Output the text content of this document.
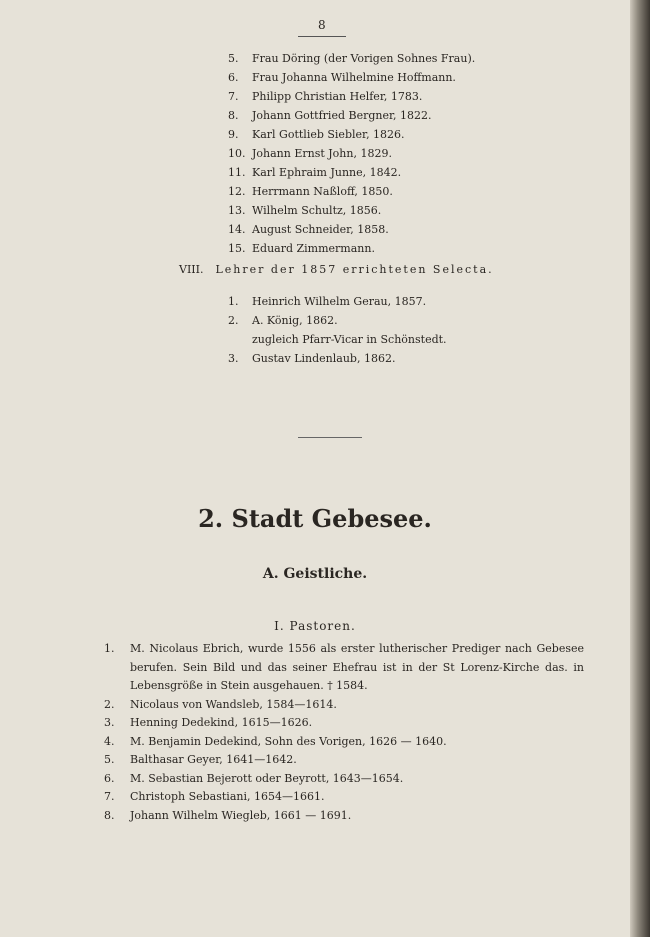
8
5. Frau Döring (der Vorigen Sohnes Frau).
6. Frau Johanna Wilhelmine Hoffmann.
7. Philipp Christian Helfer, 1783.
8. Johann Gottfried Bergner, 1822.
9. Karl Gottlieb Siebler, 1826.
10. Johann Ernst John, 1829.
11. Karl Ephraim Junne, 1842.
12. Herrmann Naßloff, 1850.
13. Wilhelm Schultz, 1856.
14. August Schneider, 1858.
15. Eduard Zimmermann.
VIII. Lehrer der 1857 errichteten Selecta.
1. Heinrich Wilhelm Gerau, 1857.
2. A. König, 1862.
zugleich Pfarr-Vicar in Schönstedt.
3. Gustav Lindenlaub, 1862.
2. Stadt Gebesee.
A. Geistliche.
I. Pastoren.
1.	M. Nicolaus Ebrich, wurde 1556 als erster lutherischer Prediger nach Gebesee berufen. Sein Bild und das seiner Ehefrau ist in der St Lorenz-Kirche das. in Lebensgröße in Stein ausgehauen. † 1584.
2. Nicolaus von Wandsleb, 1584—1614.
3. Henning Dedekind, 1615—1626.
4. M. Benjamin Dedekind, Sohn des Vorigen, 1626 — 1640.
5. Balthasar Geyer, 1641—1642.
6. M. Sebastian Bejerott oder Beyrott, 1643—1654.
7. Christoph Sebastiani, 1654—1661.
8. Johann Wilhelm Wiegleb, 1661 — 1691.
